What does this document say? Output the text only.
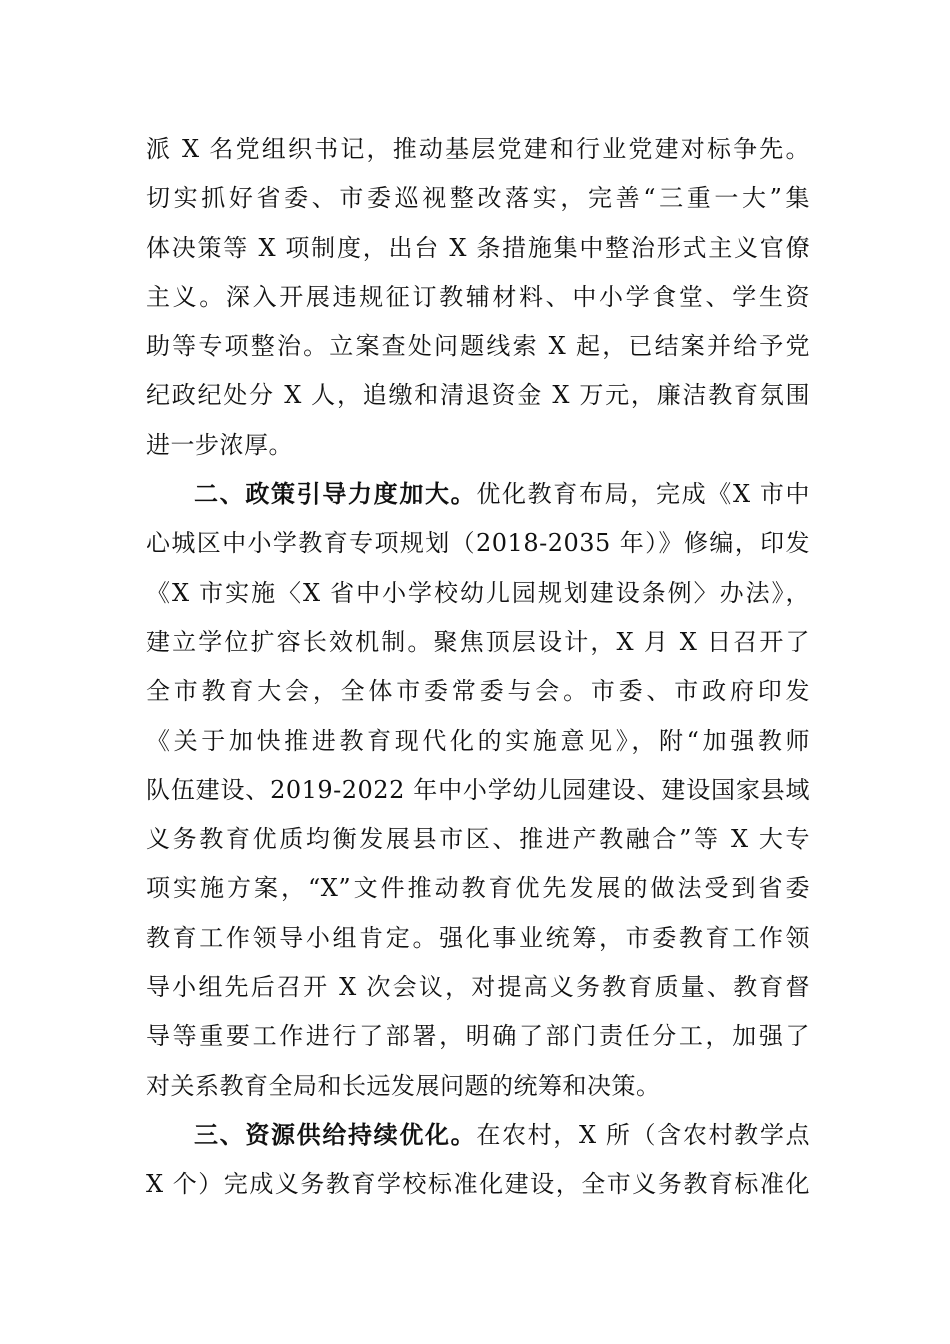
派 X 名党组织书记，推动基层党建和行业党建对标争先。
切实抓好省委、市委巡视整改落实，完善“三重一大”集
体决策等 X 项制度，出台 X 条措施集中整治形式主义官僚
主义。深入开展违规征订教辅材料、中小学食堂、学生资
助等专项整治。立案查处问题线索 X 起，已结案并给予党
纪政纪处分 X 人，追缴和清退资金 X 万元，廉洁教育氛围
进一步浓厚。
二、政策引导力度加大。优化教育布局，完成《X 市中
心城区中小学教育专项规划（2018-2035 年）》修编，印发
《X 市实施〈X 省中小学校幼儿园规划建设条例〉办法》，
建立学位扩容长效机制。聚焦顶层设计，X 月 X 日召开了
全市教育大会，全体市委常委与会。市委、市政府印发
《关于加快推进教育现代化的实施意见》，附“加强教师
队伍建设、2019-2022 年中小学幼儿园建设、建设国家县域
义务教育优质均衡发展县市区、推进产教融合”等 X 大专
项实施方案，“X”文件推动教育优先发展的做法受到省委
教育工作领导小组肯定。强化事业统筹，市委教育工作领
导小组先后召开 X 次会议，对提高义务教育质量、教育督
导等重要工作进行了部署，明确了部门责任分工，加强了
对关系教育全局和长远发展问题的统筹和决策。
三、资源供给持续优化。在农村，X 所（含农村教学点
X 个）完成义务教育学校标准化建设，全市义务教育标准化
